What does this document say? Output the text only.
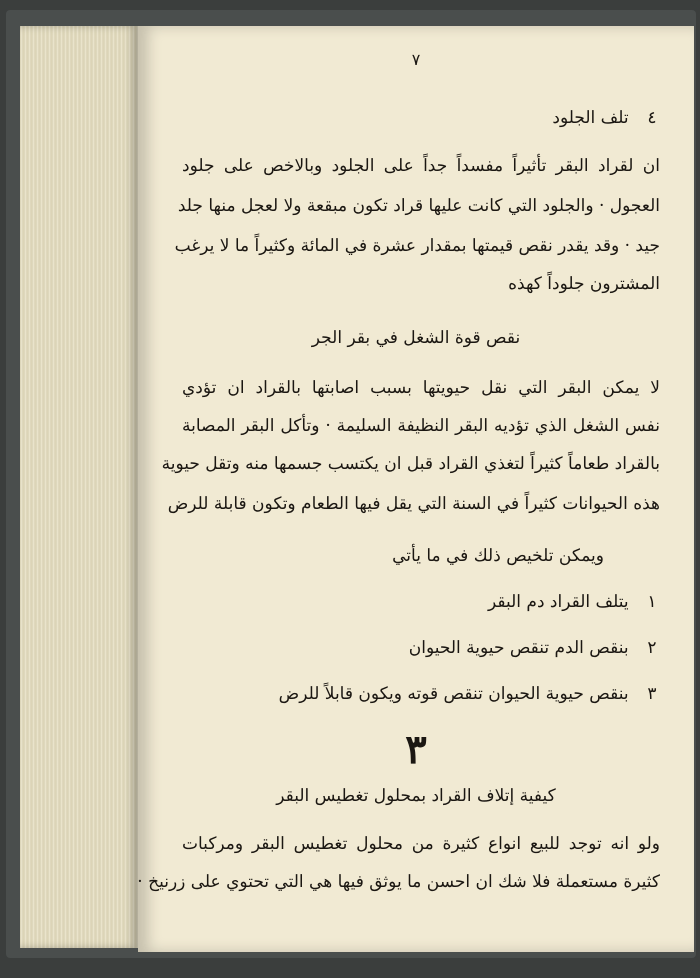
٧
٤ تلف الجلود
ان لقراد البقر تأثيراً مفسداً جداً على الجلود وبالاخص على جلود
العجول · والجلود التي كانت عليها قراد تكون مبقعة ولا لعجل منها جلد
جيد · وقد يقدر نقص قيمتها بمقدار عشرة في المائة وكثيراً ما لا يرغب
المشترون جلوداً كهذه
نقص قوة الشغل في بقر الجر
لا يمكن البقر التي نقل حيويتها بسبب اصابتها بالقراد ان تؤدي
نفس الشغل الذي تؤديه البقر النظيفة السليمة · وتأكل البقر المصابة
بالقراد طعاماً كثيراً لتغذي القراد قبل ان يكتسب جسمها منه وتقل حيوية
هذه الحيوانات كثيراً في السنة التي يقل فيها الطعام وتكون قابلة للرض
ويمكن تلخيص ذلك في ما يأتي
١ يتلف القراد دم البقر
٢ بنقص الدم تنقص حيوية الحيوان
٣ بنقص حيوية الحيوان تنقص قوته ويكون قابلاً للرض
٣
كيفية إتلاف القراد بمحلول تغطيس البقر
ولو انه توجد للبيع انواع كثيرة من محلول تغطيس البقر ومركبات
كثيرة مستعملة فلا شك ان احسن ما يوثق فيها هي التي تحتوي على زرنيخ ·
